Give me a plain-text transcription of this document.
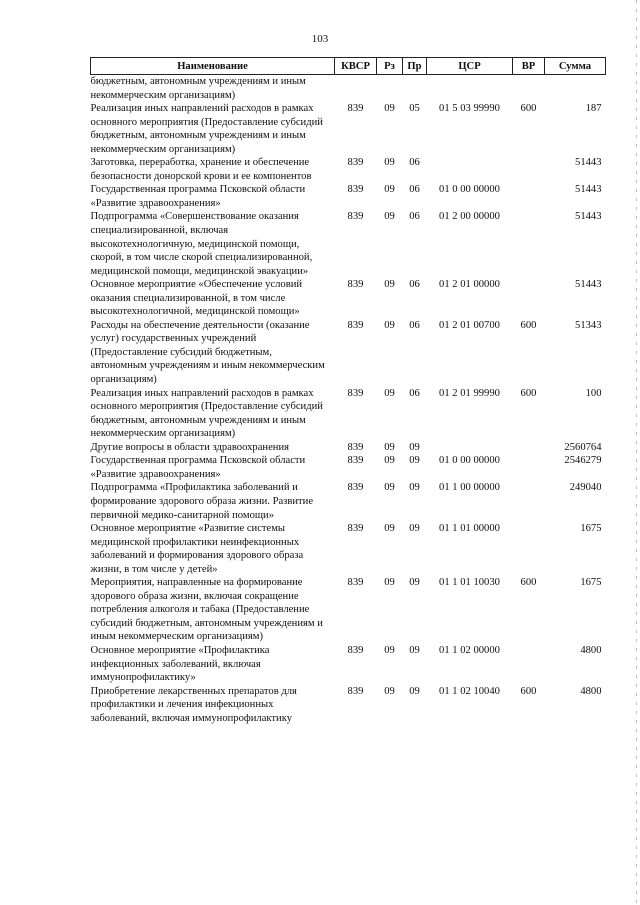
103
Наименование	КВСР	Рз	Пр	ЦСР	ВР	Сумма
бюджетным, автономным учреждениям и иным некоммерческим организациям)						
Реализация иных направлений расходов в рамках основного мероприятия (Предоставление субсидий бюджетным, автономным учреждениям и иным некоммерческим организациям)	839	09	05	01 5 03 99990	600	187
Заготовка, переработка, хранение и обеспечение безопасности донорской крови и ее компонентов	839	09	06			51443
Государственная программа Псковской области «Развитие здравоохранения»	839	09	06	01 0 00 00000		51443
Подпрограмма «Совершенствование оказания специализированной, включая высокотехнологичную, медицинской помощи, скорой, в том числе скорой специализированной, медицинской помощи, медицинской эвакуации»	839	09	06	01 2 00 00000		51443
Основное мероприятие «Обеспечение условий оказания специализированной, в том числе высокотехнологичной, медицинской помощи»	839	09	06	01 2 01 00000		51443
Расходы на обеспечение деятельности (оказание услуг) государственных учреждений (Предоставление субсидий бюджетным, автономным учреждениям и иным некоммерческим организациям)	839	09	06	01 2 01 00700	600	51343
Реализация иных направлений расходов в рамках основного мероприятия (Предоставление субсидий бюджетным, автономным учреждениям и иным некоммерческим организациям)	839	09	06	01 2 01 99990	600	100
Другие вопросы в области здравоохранения	839	09	09			2560764
Государственная программа Псковской области «Развитие здравоохранения»	839	09	09	01 0 00 00000		2546279
Подпрограмма «Профилактика заболеваний и формирование здорового образа жизни. Развитие первичной медико-санитарной помощи»	839	09	09	01 1 00 00000		249040
Основное мероприятие «Развитие системы медицинской профилактики неинфекционных заболеваний и формирования здорового образа жизни, в том числе у детей»	839	09	09	01 1 01 00000		1675
Мероприятия, направленные на формирование здорового образа жизни, включая сокращение потребления алкоголя и табака (Предоставление субсидий бюджетным, автономным учреждениям и иным некоммерческим организациям)	839	09	09	01 1 01 10030	600	1675
Основное мероприятие «Профилактика инфекционных заболеваний, включая иммунопрофилактику»	839	09	09	01 1 02 00000		4800
Приобретение лекарственных препаратов для профилактики и лечения инфекционных заболеваний, включая иммунопрофилактику	839	09	09	01 1 02 10040	600	4800
